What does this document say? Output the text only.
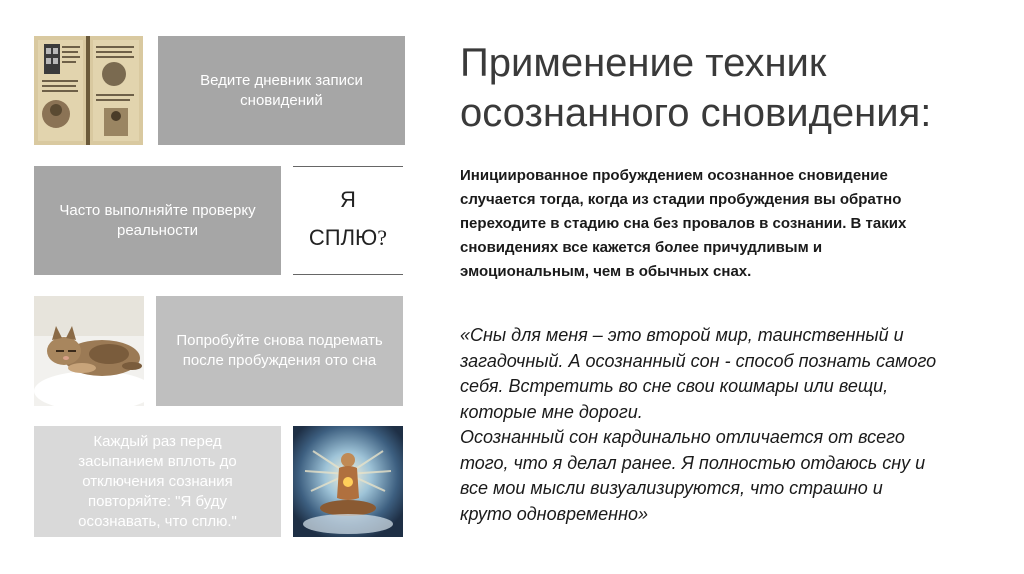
Ведите дневник записи
сновидений
Часто выполняйте проверку
реальности
Я
СПЛЮ?
Попробуйте снова подремать
после пробуждения ото сна
Каждый раз перед
засыпанием вплоть до
отключения сознания
повторяйте: "Я буду
осознавать, что сплю."
Применение техник
осознанного сновидения:
Инициированное пробуждением осознанное сновидение
случается тогда, когда из стадии пробуждения вы обратно
переходите в стадию сна без провалов в сознании. В таких
сновидениях все кажется более причудливым и
эмоциональным, чем в обычных снах.
«Сны для меня – это второй мир, таинственный и
загадочный. А осознанный сон - способ познать самого
себя. Встретить во сне свои кошмары или вещи,
которые мне дороги.
Осознанный сон кардинально отличается от всего
того, что я делал ранее. Я полностью отдаюсь сну и
все мои мысли визуализируются, что страшно и
круто одновременно»
